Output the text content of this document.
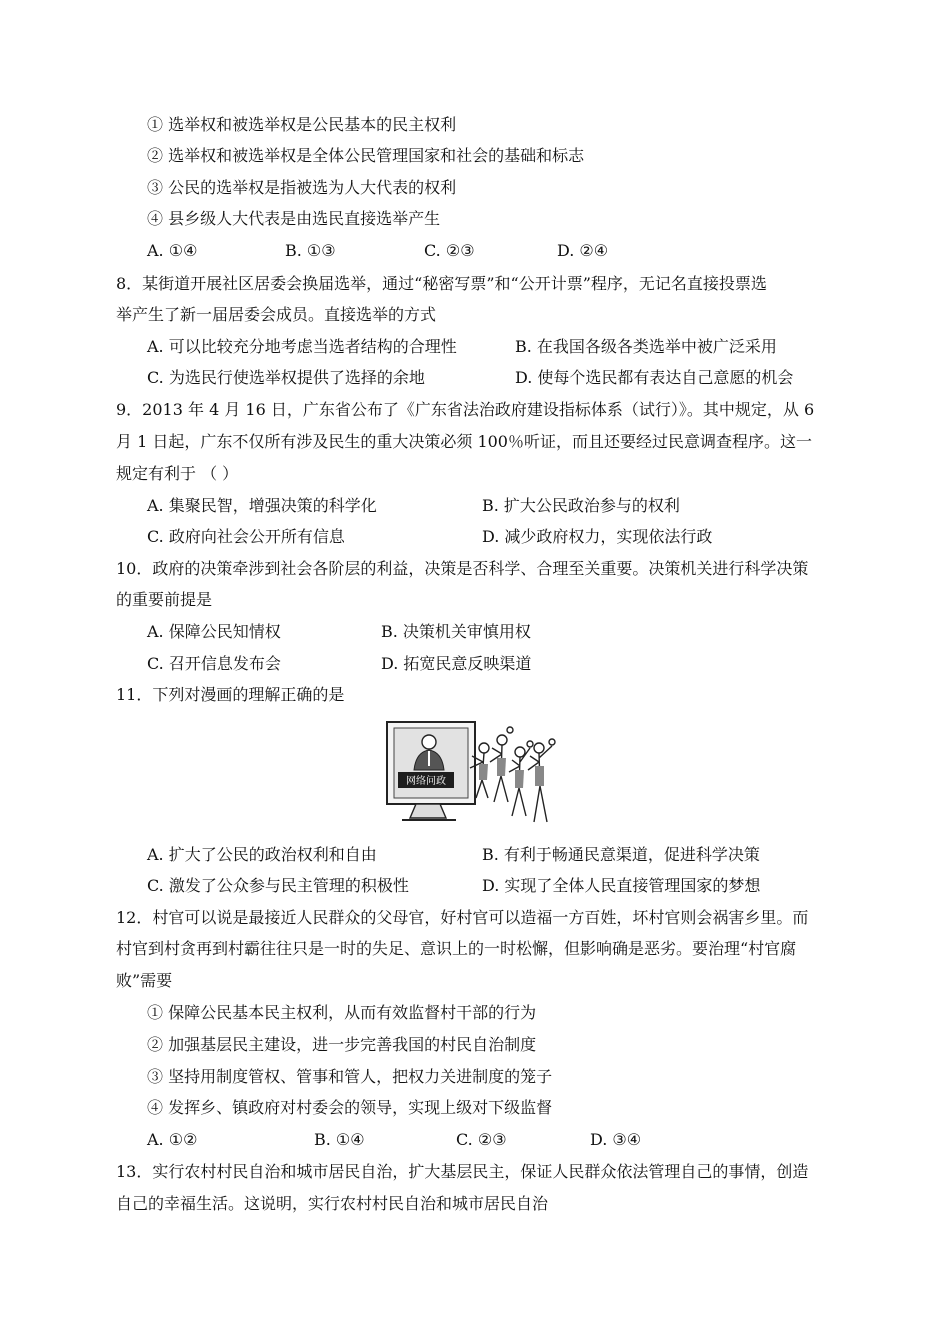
① 选举权和被选举权是公民基本的民主权利
② 选举权和被选举权是全体公民管理国家和社会的基础和标志
③ 公民的选举权是指被选为人大代表的权利
④ 县乡级人大代表是由选民直接选举产生
A. ①④	B. ①③	C. ②③	D. ②④
8．某街道开展社区居委会换届选举，通过“秘密写票”和“公开计票”程序，无记名直接投票选
举产生了新一届居委会成员。直接选举的方式
A. 可以比较充分地考虑当选者结构的合理性	B. 在我国各级各类选举中被广泛采用
C. 为选民行使选举权提供了选择的余地	D. 使每个选民都有表达自己意愿的机会
9．2013 年 4 月 16 日，广东省公布了《广东省法治政府建设指标体系（试行）》。其中规定，从 6
月 1 日起，广东不仅所有涉及民生的重大决策必须 100％听证，而且还要经过民意调查程序。这一
规定有利于 （ ）
A. 集聚民智，增强决策的科学化	B. 扩大公民政治参与的权利
C. 政府向社会公开所有信息	D. 减少政府权力，实现依法行政
10．政府的决策牵涉到社会各阶层的利益，决策是否科学、合理至关重要。决策机关进行科学决策
的重要前提是
A. 保障公民知情权	B. 决策机关审慎用权
C. 召开信息发布会	D. 拓宽民意反映渠道
11．下列对漫画的理解正确的是
网络问政
A. 扩大了公民的政治权利和自由	B. 有利于畅通民意渠道，促进科学决策
C. 激发了公众参与民主管理的积极性	D. 实现了全体人民直接管理国家的梦想
12．村官可以说是最接近人民群众的父母官，好村官可以造福一方百姓，坏村官则会祸害乡里。而
村官到村贪再到村霸往往只是一时的失足、意识上的一时松懈，但影响确是恶劣。要治理“村官腐
败”需要
① 保障公民基本民主权利，从而有效监督村干部的行为
② 加强基层民主建设，进一步完善我国的村民自治制度
③ 坚持用制度管权、管事和管人，把权力关进制度的笼子
④ 发挥乡、镇政府对村委会的领导，实现上级对下级监督
A. ①②	B. ①④	C. ②③	D. ③④
13．实行农村村民自治和城市居民自治，扩大基层民主，保证人民群众依法管理自己的事情，创造
自己的幸福生活。这说明，实行农村村民自治和城市居民自治
